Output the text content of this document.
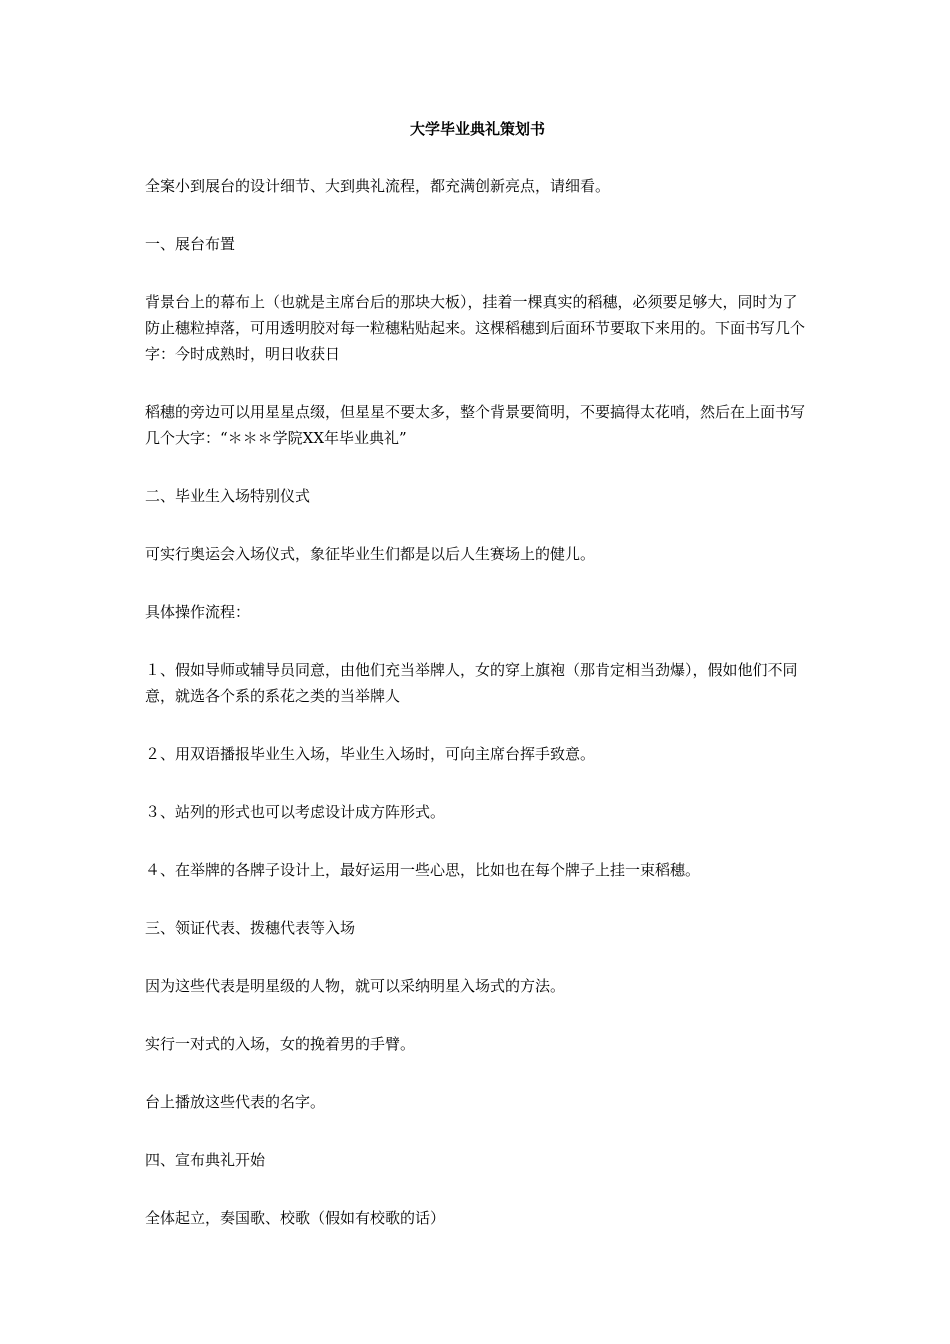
大学毕业典礼策划书

全案小到展台的设计细节、大到典礼流程，都充满创新亮点，请细看。

一、展台布置

背景台上的幕布上（也就是主席台后的那块大板），挂着一棵真实的稻穗，必须要足够大，同时为了防止穗粒掉落，可用透明胶对每一粒穗粘贴起来。这棵稻穗到后面环节要取下来用的。下面书写几个字：今时成熟时，明日收获日

稻穗的旁边可以用星星点缀，但星星不要太多，整个背景要简明，不要搞得太花哨，然后在上面书写几个大字：“＊＊＊学院XX年毕业典礼”

二、毕业生入场特别仪式

可实行奥运会入场仪式，象征毕业生们都是以后人生赛场上的健儿。

具体操作流程：

１、假如导师或辅导员同意，由他们充当举牌人，女的穿上旗袍（那肯定相当劲爆），假如他们不同意，就选各个系的系花之类的当举牌人

２、用双语播报毕业生入场，毕业生入场时，可向主席台挥手致意。

３、站列的形式也可以考虑设计成方阵形式。

４、在举牌的各牌子设计上，最好运用一些心思，比如也在每个牌子上挂一束稻穗。

三、领证代表、拨穗代表等入场

因为这些代表是明星级的人物，就可以采纳明星入场式的方法。

实行一对式的入场，女的挽着男的手臂。

台上播放这些代表的名字。

四、宣布典礼开始

全体起立，奏国歌、校歌（假如有校歌的话）
